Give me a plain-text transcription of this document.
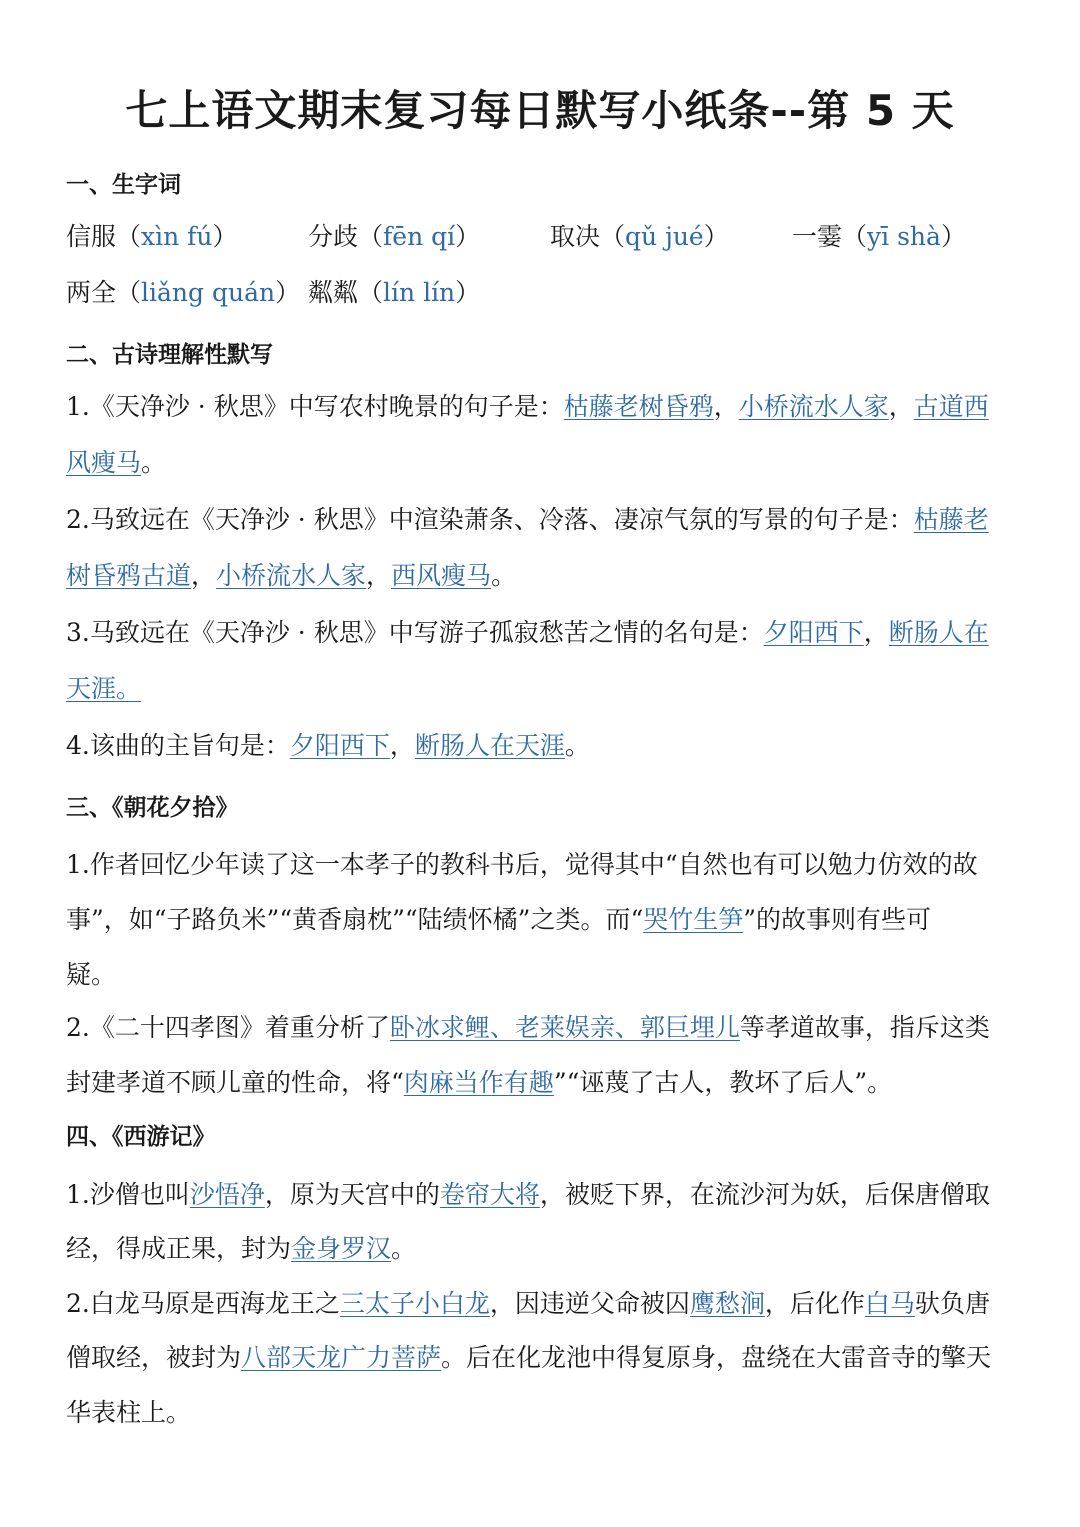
七上语文期末复习每日默写小纸条--第 5 天
一、生字词
信服（xìn fú）	分歧（fēn qí）	取决（qǔ jué）	一霎（yī shà）
两全（liǎng quán） 粼粼（lín lín）
二、古诗理解性默写
1.《天净沙 · 秋思》中写农村晚景的句子是：枯藤老树昏鸦，小桥流水人家，古道西
风瘦马。
2.马致远在《天净沙 · 秋思》中渲染萧条、冷落、凄凉气氛的写景的句子是：枯藤老
树昏鸦古道，小桥流水人家，西风瘦马。
3.马致远在《天净沙 · 秋思》中写游子孤寂愁苦之情的名句是：夕阳西下，断肠人在
天涯。
4.该曲的主旨句是：夕阳西下，断肠人在天涯。
三、《朝花夕拾》
1.作者回忆少年读了这一本孝子的教科书后，觉得其中“自然也有可以勉力仿效的故
事”，如“子路负米”“黄香扇枕”“陆绩怀橘”之类。而“哭竹生笋”的故事则有些可
疑。
2.《二十四孝图》着重分析了卧冰求鲤、老莱娱亲、郭巨埋儿等孝道故事，指斥这类
封建孝道不顾儿童的性命，将“肉麻当作有趣”“诬蔑了古人，教坏了后人”。
四、《西游记》
1.沙僧也叫沙悟净，原为天宫中的卷帘大将，被贬下界，在流沙河为妖，后保唐僧取
经，得成正果，封为金身罗汉。
2.白龙马原是西海龙王之三太子小白龙，因违逆父命被囚鹰愁涧，后化作白马驮负唐
僧取经，被封为八部天龙广力菩萨。后在化龙池中得复原身，盘绕在大雷音寺的擎天
华表柱上。
